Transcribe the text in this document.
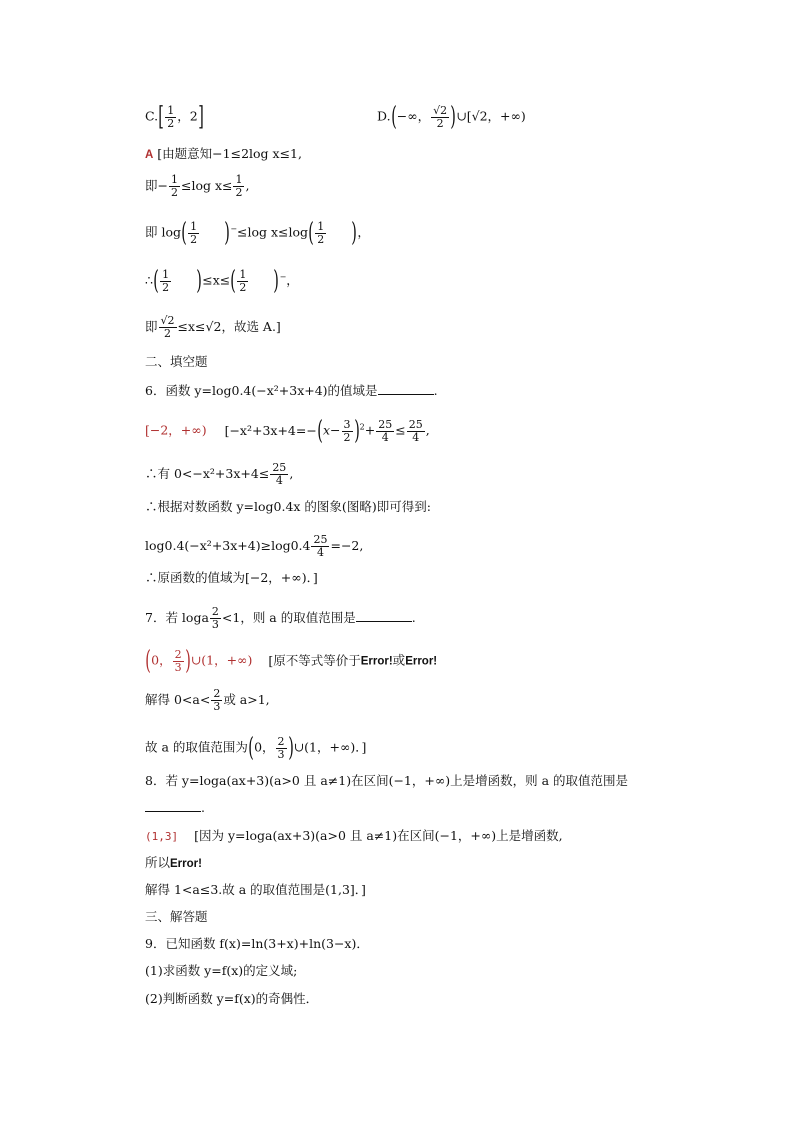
$C.[ \frac{1}{2}$ ，2]	D.(−∞， $\frac{√2}{2}$ )∪[√2，+∞)
A [由题意知−1≤2log x≤1,
即− $\frac{1}{2} \le\log$ $x\le \frac{1}{2}$ ,
即 $\log( \frac{1}{2} )^-\le\log$ $x\le\log( \frac{1}{2}$ )，
∴( $\frac{1}{2} )\le x\le( \frac{1}{2} )^-$，
即 $\frac{√2}{2} \le x\le√2$，故选 A.]
二、填空题
6．函数 y=log0.4(−x²+3x+4)的值域是	.
[−2，+∞) [$-x^2+3x+4=-(x- \frac{3}{2} )^2+ \frac{25}{4} \le \frac{25}{4}$ ,
∴有 $0<-x^2+3x+4\le \frac{25}{4}$ ,
∴根据对数函数 y=log0.4x 的图象(图略)即可得到:
$\log 0.4(-x^2+3x+4)\ge\log 0.4 \frac{25}{4} =-2$,
∴原函数的值域为[−2，+∞)．]
7．若 loga $\frac{2}{3} <1$，则 a 的取值范围是	.
(0， $\frac{2}{3}$ )∪(1，+∞) [原不等式等价于Error!或Error!
解得 $0<a< \frac{2}{3}$ 或 a>1,
故 a 的取值范围为(0， $\frac{2}{3}$ )∪(1，+∞)．]
8．若 y=loga(ax+3)(a>0 且 a≠1)在区间(−1，+∞)上是增函数，则 a 的取值范围是
.
(1,3] [因为 y=loga(ax+3)(a>0 且 a≠1)在区间(−1，+∞)上是增函数,
所以Error!
解得 1<a≤3.故 a 的取值范围是(1,3]．]
三、解答题
9．已知函数 f(x)=ln(3+x)+ln(3−x)．
(1)求函数 y=f(x)的定义域;
(2)判断函数 y=f(x)的奇偶性．
